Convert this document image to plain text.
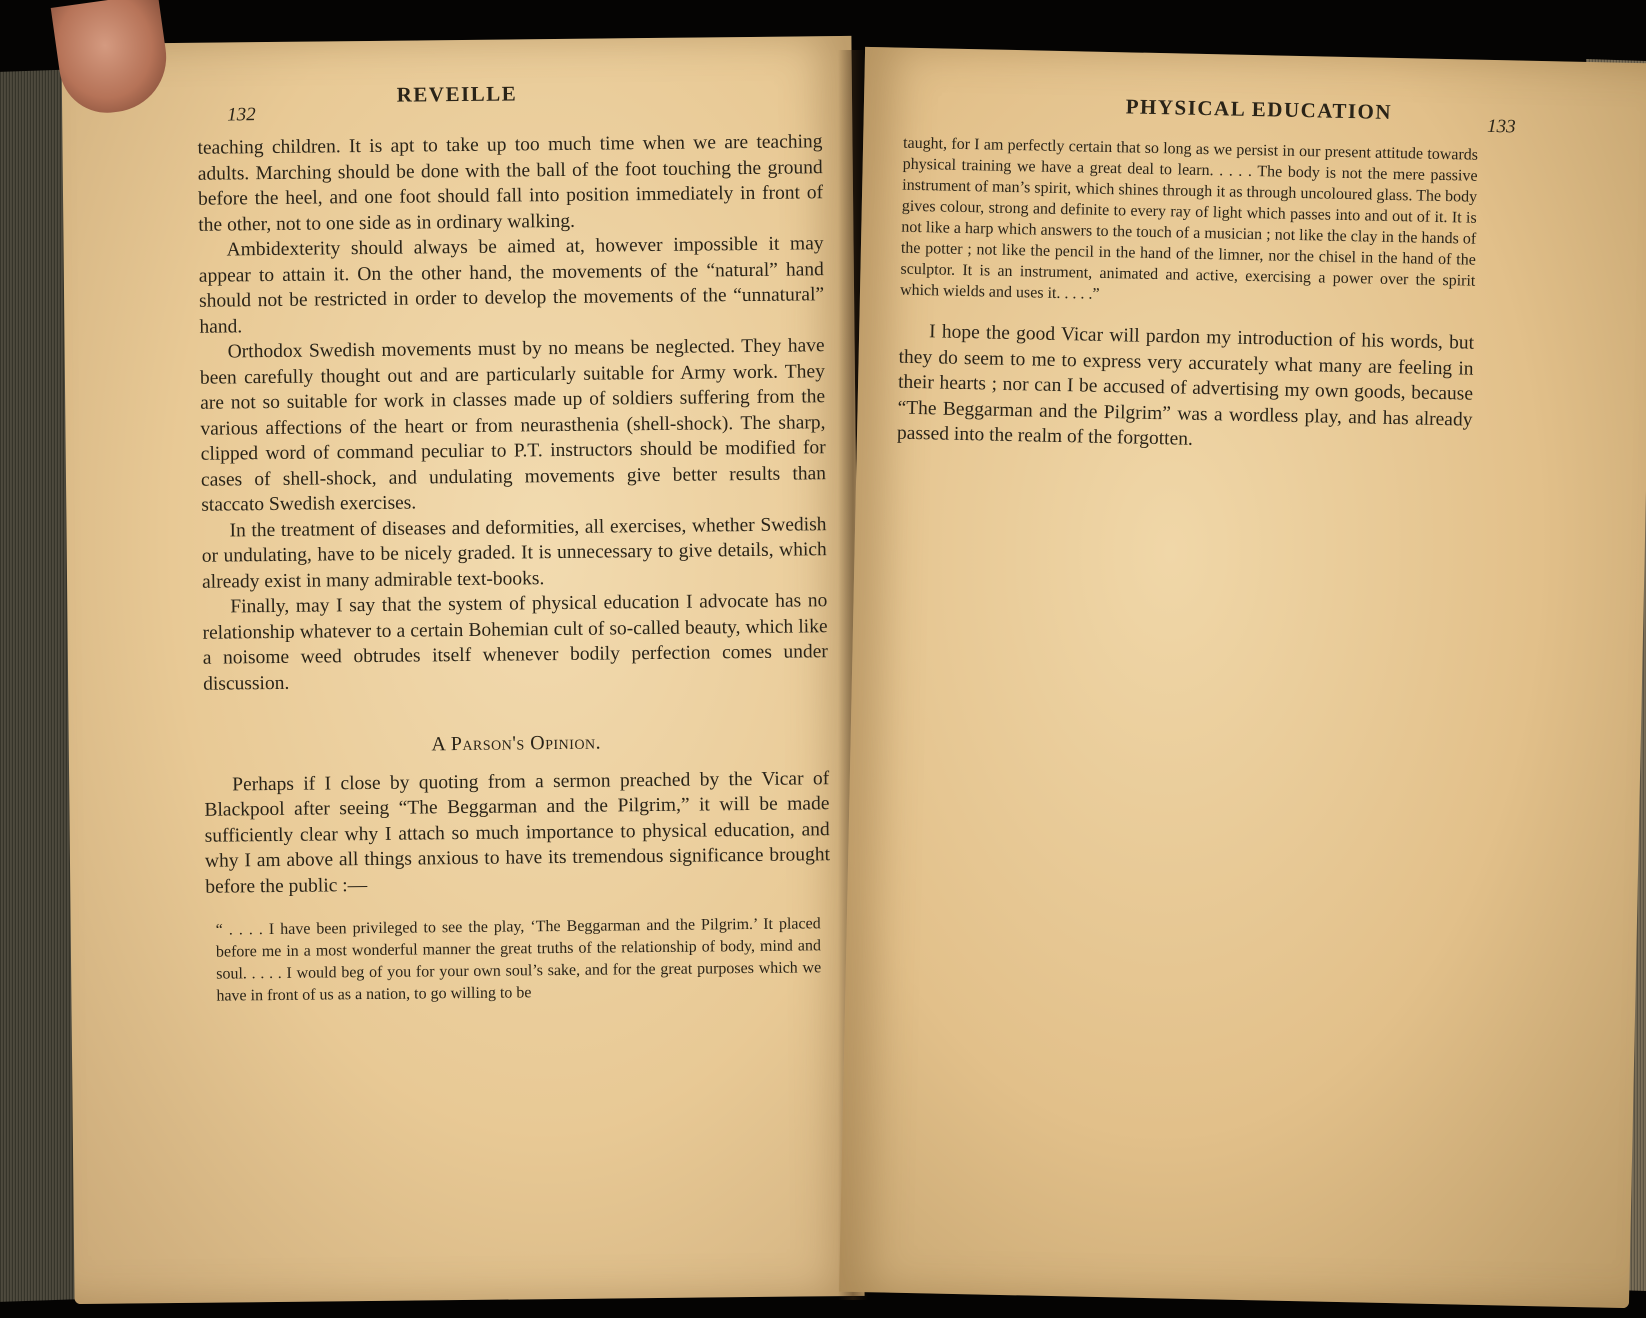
REVEILLE
132

teaching children. It is apt to take up too much time when we are teaching adults. Marching should be done with the ball of the foot touching the ground before the heel, and one foot should fall into position immediately in front of the other, not to one side as in ordinary walking.

Ambidexterity should always be aimed at, however impossible it may appear to attain it. On the other hand, the movements of the “natural” hand should not be restricted in order to develop the movements of the “unnatural” hand.

Orthodox Swedish movements must by no means be neglected. They have been carefully thought out and are particularly suitable for Army work. They are not so suitable for work in classes made up of soldiers suffering from the various affections of the heart or from neurasthenia (shell-shock). The sharp, clipped word of command peculiar to P.T. instructors should be modified for cases of shell-shock, and undulating movements give better results than staccato Swedish exercises.

In the treatment of diseases and deformities, all exercises, whether Swedish or undulating, have to be nicely graded. It is unnecessary to give details, which already exist in many admirable text-books.

Finally, may I say that the system of physical education I advocate has no relationship whatever to a certain Bohemian cult of so-called beauty, which like a noisome weed obtrudes itself whenever bodily perfection comes under discussion.

A Parson's Opinion.

Perhaps if I close by quoting from a sermon preached by the Vicar of Blackpool after seeing “The Beggarman and the Pilgrim,” it will be made sufficiently clear why I attach so much importance to physical education, and why I am above all things anxious to have its tremendous significance brought before the public :—

“ . . . . I have been privileged to see the play, ‘The Beggarman and the Pilgrim.’ It placed before me in a most wonderful manner the great truths of the relationship of body, mind and soul. . . . . I would beg of you for your own soul’s sake, and for the great purposes which we have in front of us as a nation, to go willing to be

PHYSICAL EDUCATION
133

taught, for I am perfectly certain that so long as we persist in our present attitude towards physical training we have a great deal to learn. . . . . The body is not the mere passive instrument of man’s spirit, which shines through it as through uncoloured glass. The body gives colour, strong and definite to every ray of light which passes into and out of it. It is not like a harp which answers to the touch of a musician ; not like the clay in the hands of the potter ; not like the pencil in the hand of the limner, nor the chisel in the hand of the sculptor. It is an instrument, animated and active, exercising a power over the spirit which wields and uses it. . . . .”

I hope the good Vicar will pardon my introduction of his words, but they do seem to me to express very accurately what many are feeling in their hearts ; nor can I be accused of advertising my own goods, because “The Beggarman and the Pilgrim” was a wordless play, and has already passed into the realm of the forgotten.
